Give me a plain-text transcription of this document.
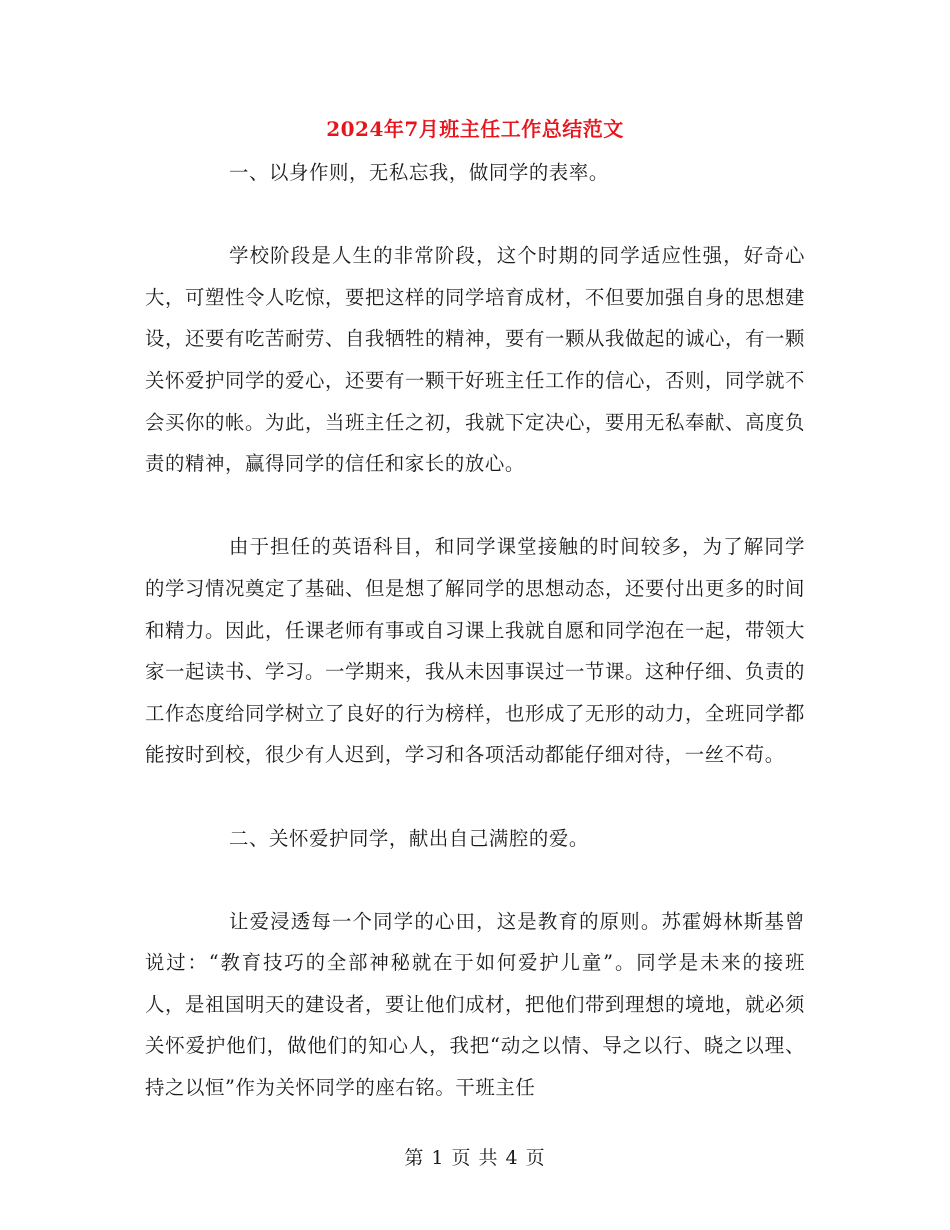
2024年7月班主任工作总结范文

一、以身作则，无私忘我，做同学的表率。

学校阶段是人生的非常阶段，这个时期的同学适应性强，好奇心大，可塑性令人吃惊，要把这样的同学培育成材，不但要加强自身的思想建设，还要有吃苦耐劳、自我牺牲的精神，要有一颗从我做起的诚心，有一颗关怀爱护同学的爱心，还要有一颗干好班主任工作的信心，否则，同学就不会买你的帐。为此，当班主任之初，我就下定决心，要用无私奉献、高度负责的精神，赢得同学的信任和家长的放心。

由于担任的英语科目，和同学课堂接触的时间较多，为了解同学的学习情况奠定了基础、但是想了解同学的思想动态，还要付出更多的时间和精力。因此，任课老师有事或自习课上我就自愿和同学泡在一起，带领大家一起读书、学习。一学期来，我从未因事误过一节课。这种仔细、负责的工作态度给同学树立了良好的行为榜样，也形成了无形的动力，全班同学都能按时到校，很少有人迟到，学习和各项活动都能仔细对待，一丝不苟。

二、关怀爱护同学，献出自己满腔的爱。

让爱浸透每一个同学的心田，这是教育的原则。苏霍姆林斯基曾说过：“教育技巧的全部神秘就在于如何爱护儿童”。同学是未来的接班人，是祖国明天的建设者，要让他们成材，把他们带到理想的境地，就必须关怀爱护他们，做他们的知心人，我把“动之以情、导之以行、晓之以理、持之以恒”作为关怀同学的座右铭。干班主任

第 1 页 共 4 页
